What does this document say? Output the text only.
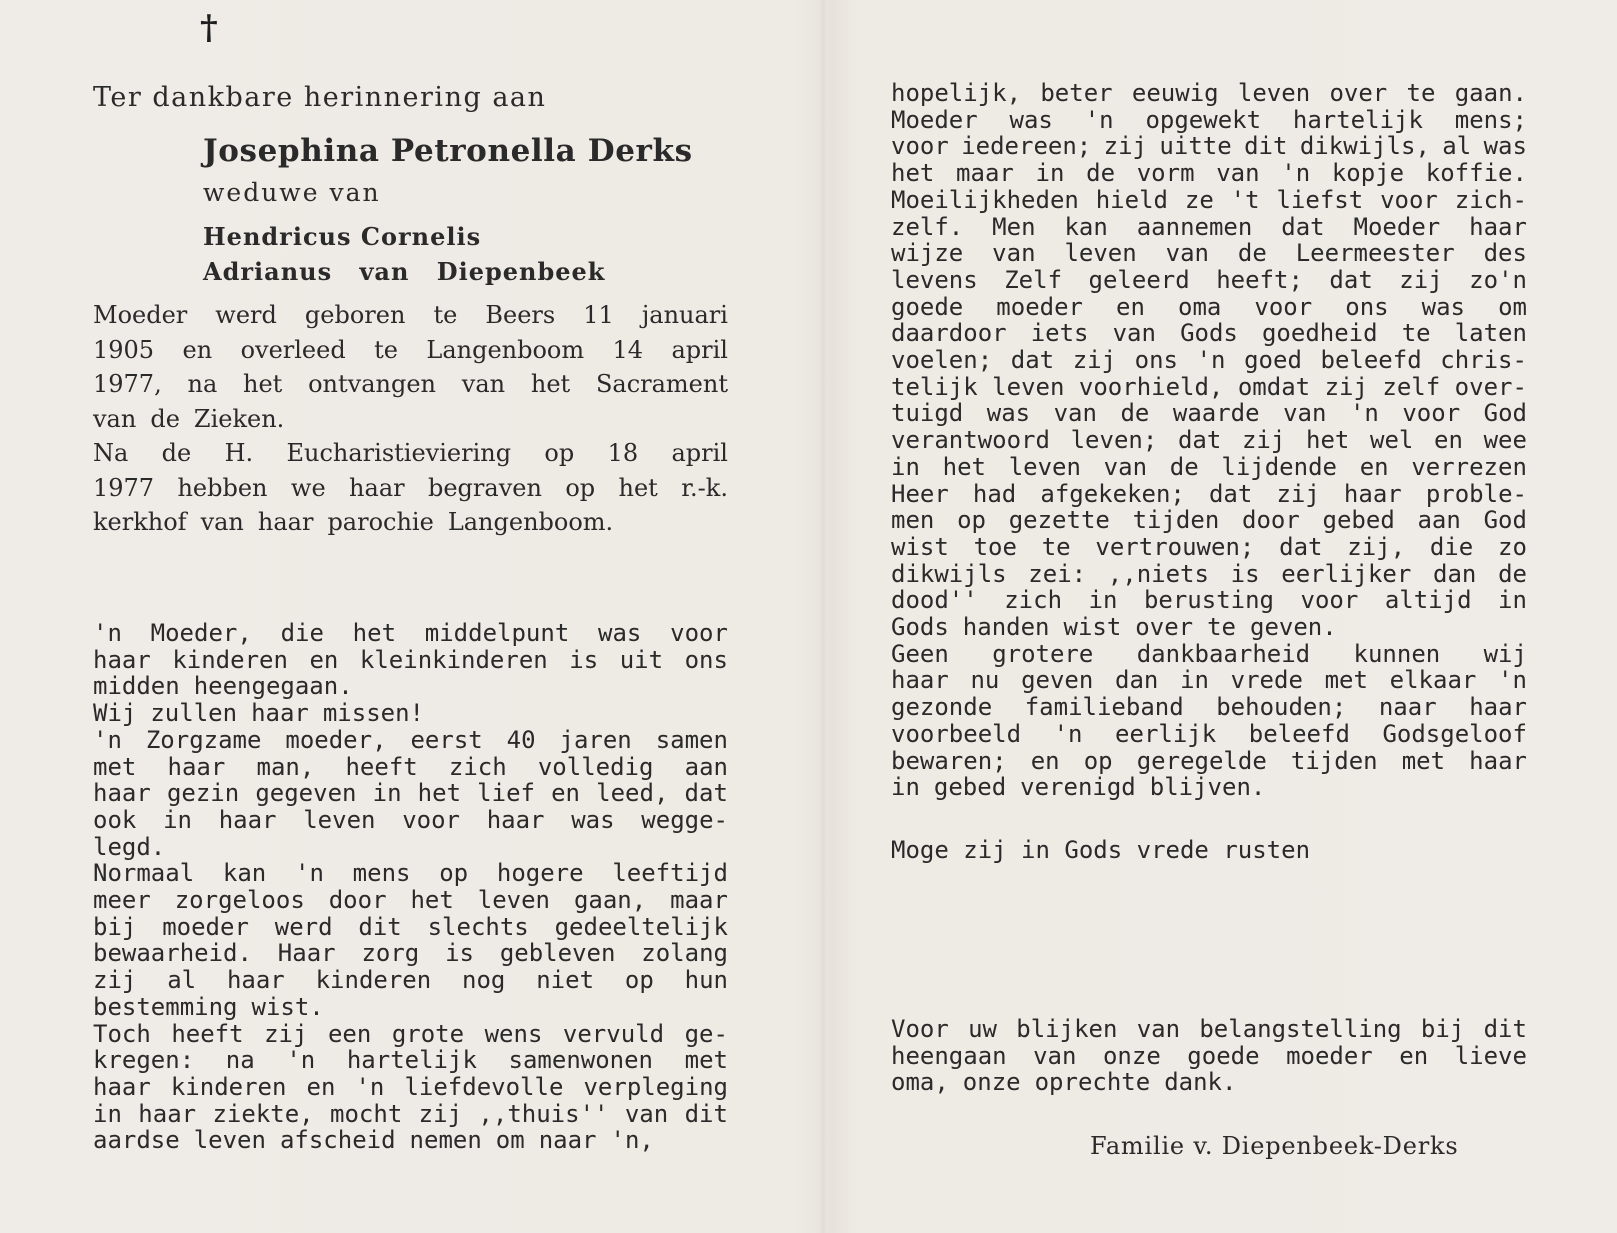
†
Ter dankbare herinnering aan
Josephina Petronella Derks
weduwe van
Hendricus Cornelis
Adrianus van Diepenbeek
Moeder werd geboren te Beers 11 januari
1905 en overleed te Langenboom 14 april
1977, na het ontvangen van het Sacrament
van de Zieken.
Na de H. Eucharistieviering op 18 april
1977 hebben we haar begraven op het r.-k.
kerkhof van haar parochie Langenboom.
'n Moeder, die het middelpunt was voor
haar kinderen en kleinkinderen is uit ons
midden heengegaan.
Wij zullen haar missen!
'n Zorgzame moeder, eerst 40 jaren samen
met haar man, heeft zich volledig aan
haar gezin gegeven in het lief en leed, dat
ook in haar leven voor haar was wegge-
legd.
Normaal kan 'n mens op hogere leeftijd
meer zorgeloos door het leven gaan, maar
bij moeder werd dit slechts gedeeltelijk
bewaarheid. Haar zorg is gebleven zolang
zij al haar kinderen nog niet op hun
bestemming wist.
Toch heeft zij een grote wens vervuld ge-
kregen: na 'n hartelijk samenwonen met
haar kinderen en 'n liefdevolle verpleging
in haar ziekte, mocht zij ,,thuis'' van dit
aardse leven afscheid nemen om naar 'n,
hopelijk, beter eeuwig leven over te gaan.
Moeder was 'n opgewekt hartelijk mens;
voor iedereen; zij uitte dit dikwijls, al was
het maar in de vorm van 'n kopje koffie.
Moeilijkheden hield ze 't liefst voor zich-
zelf. Men kan aannemen dat Moeder haar
wijze van leven van de Leermeester des
levens Zelf geleerd heeft; dat zij zo'n
goede moeder en oma voor ons was om
daardoor iets van Gods goedheid te laten
voelen; dat zij ons 'n goed beleefd chris-
telijk leven voorhield, omdat zij zelf over-
tuigd was van de waarde van 'n voor God
verantwoord leven; dat zij het wel en wee
in het leven van de lijdende en verrezen
Heer had afgekeken; dat zij haar proble-
men op gezette tijden door gebed aan God
wist toe te vertrouwen; dat zij, die zo
dikwijls zei: ,,niets is eerlijker dan de
dood'' zich in berusting voor altijd in
Gods handen wist over te geven.
Geen grotere dankbaarheid kunnen wij
haar nu geven dan in vrede met elkaar 'n
gezonde familieband behouden; naar haar
voorbeeld 'n eerlijk beleefd Godsgeloof
bewaren; en op geregelde tijden met haar
in gebed verenigd blijven.
Moge zij in Gods vrede rusten
Voor uw blijken van belangstelling bij dit
heengaan van onze goede moeder en lieve
oma, onze oprechte dank.
Familie v. Diepenbeek-Derks
